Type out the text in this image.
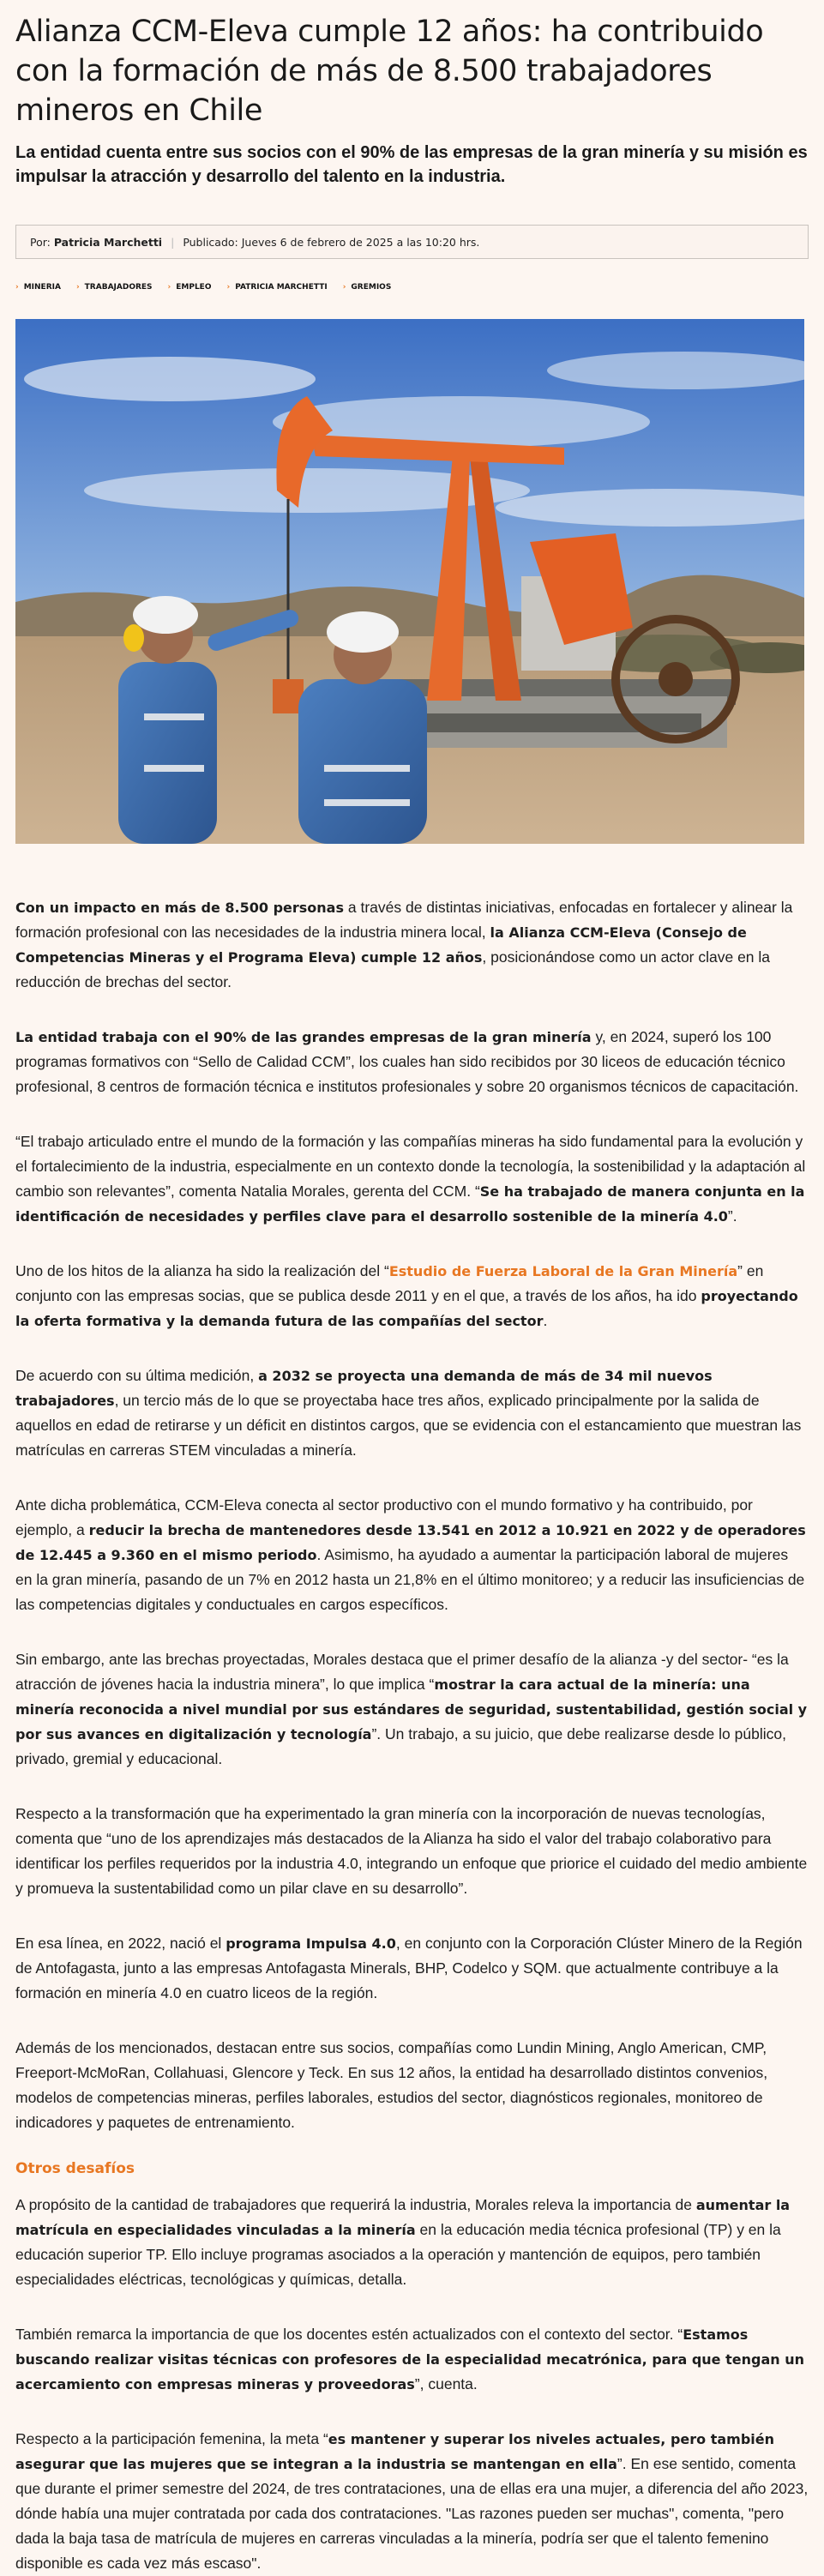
Alianza CCM-Eleva cumple 12 años: ha contribuido con la formación de más de 8.500 trabajadores mineros en Chile

La entidad cuenta entre sus socios con el 90% de las empresas de la gran minería y su misión es impulsar la atracción y desarrollo del talento en la industria.

Por:
Patricia Marchetti | Publicado: Jueves 6 de febrero de 2025 a las 10:20 hrs.
› MINERIA › TRABAJADORES › EMPLEO › PATRICIA MARCHETTI › GREMIOS

Con un impacto en más de 8.500 personas a través de distintas iniciativas, enfocadas en fortalecer y alinear la formación profesional con las necesidades de la industria minera local, la Alianza CCM-Eleva (Consejo de Competencias Mineras y el Programa Eleva) cumple 12 años, posicionándose como un actor clave en la reducción de brechas del sector.

La entidad trabaja con el 90% de las grandes empresas de la gran minería y, en 2024, superó los 100 programas formativos con “Sello de Calidad CCM”, los cuales han sido recibidos por 30 liceos de educación técnico profesional, 8 centros de formación técnica e institutos profesionales y sobre 20 organismos técnicos de capacitación.

“El trabajo articulado entre el mundo de la formación y las compañías mineras ha sido fundamental para la evolución y el fortalecimiento de la industria, especialmente en un contexto donde la tecnología, la sostenibilidad y la adaptación al cambio son relevantes”, comenta Natalia Morales, gerenta del CCM. “Se ha trabajado de manera conjunta en la identificación de necesidades y perfiles clave para el desarrollo sostenible de la minería 4.0”.

Uno de los hitos de la alianza ha sido la realización del “Estudio de Fuerza Laboral de la Gran Minería” en conjunto con las empresas socias, que se publica desde 2011 y en el que, a través de los años, ha ido proyectando la oferta formativa y la demanda futura de las compañías del sector.

De acuerdo con su última medición, a 2032 se proyecta una demanda de más de 34 mil nuevos trabajadores, un tercio más de lo que se proyectaba hace tres años, explicado principalmente por la salida de aquellos en edad de retirarse y un déficit en distintos cargos, que se evidencia con el estancamiento que muestran las matrículas en carreras STEM vinculadas a minería.

Ante dicha problemática, CCM-Eleva conecta al sector productivo con el mundo formativo y ha contribuido, por ejemplo, a reducir la brecha de mantenedores desde 13.541 en 2012 a 10.921 en 2022 y de operadores de 12.445 a 9.360 en el mismo periodo. Asimismo, ha ayudado a aumentar la participación laboral de mujeres en la gran minería, pasando de un 7% en 2012 hasta un 21,8% en el último monitoreo; y a reducir las insuficiencias de las competencias digitales y conductuales en cargos específicos.

Sin embargo, ante las brechas proyectadas, Morales destaca que el primer desafío de la alianza -y del sector- “es la atracción de jóvenes hacia la industria minera”, lo que implica “mostrar la cara actual de la minería: una minería reconocida a nivel mundial por sus estándares de seguridad, sustentabilidad, gestión social y por sus avances en digitalización y tecnología”. Un trabajo, a su juicio, que debe realizarse desde lo público, privado, gremial y educacional.

Respecto a la transformación que ha experimentado la gran minería con la incorporación de nuevas tecnologías, comenta que “uno de los aprendizajes más destacados de la Alianza ha sido el valor del trabajo colaborativo para identificar los perfiles requeridos por la industria 4.0, integrando un enfoque que priorice el cuidado del medio ambiente y promueva la sustentabilidad como un pilar clave en su desarrollo”.

En esa línea, en 2022, nació el programa Impulsa 4.0, en conjunto con la Corporación Clúster Minero de la Región de Antofagasta, junto a las empresas Antofagasta Minerals, BHP, Codelco y SQM. que actualmente contribuye a la formación en minería 4.0 en cuatro liceos de la región.

Además de los mencionados, destacan entre sus socios, compañías como Lundin Mining, Anglo American, CMP, Freeport-McMoRan, Collahuasi, Glencore y Teck. En sus 12 años, la entidad ha desarrollado distintos convenios, modelos de competencias mineras, perfiles laborales, estudios del sector, diagnósticos regionales, monitoreo de indicadores y paquetes de entrenamiento.

Otros desafíos

A propósito de la cantidad de trabajadores que requerirá la industria, Morales releva la importancia de aumentar la matrícula en especialidades vinculadas a la minería en la educación media técnica profesional (TP) y en la educación superior TP. Ello incluye programas asociados a la operación y mantención de equipos, pero también especialidades eléctricas, tecnológicas y químicas, detalla.

También remarca la importancia de que los docentes estén actualizados con el contexto del sector. “Estamos buscando realizar visitas técnicas con profesores de la especialidad mecatrónica, para que tengan un acercamiento con empresas mineras y proveedoras”, cuenta.

Respecto a la participación femenina, la meta “es mantener y superar los niveles actuales, pero también asegurar que las mujeres que se integran a la industria se mantengan en ella”. En ese sentido, comenta que durante el primer semestre del 2024, de tres contrataciones, una de ellas era una mujer, a diferencia del año 2023, dónde había una mujer contratada por cada dos contrataciones. "Las razones pueden ser muchas", comenta, "pero dada la baja tasa de matrícula de mujeres en carreras vinculadas a la minería, podría ser que el talento femenino disponible es cada vez más escaso".
